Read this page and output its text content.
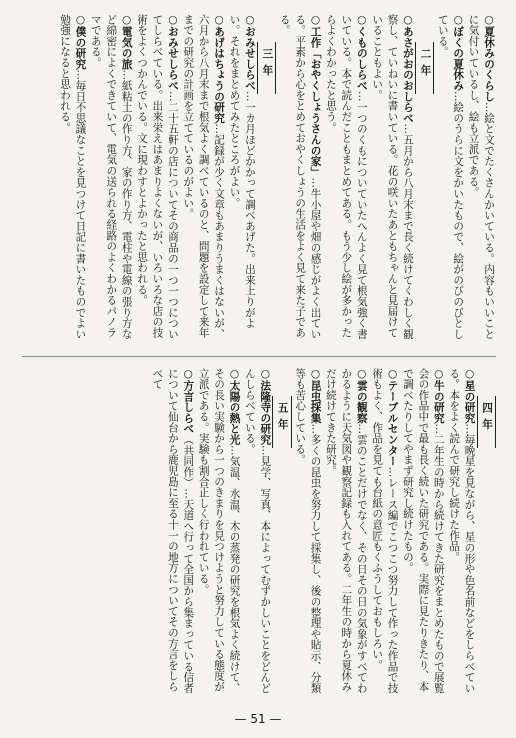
○夏休みのくらし…絵と文でたくさんかいている。内容もいいことに気付いているし、絵も立派である。
○ぼくの夏休み…絵のうらに文をかいたもので、絵がのびのびとしている。
二年
○あさがおのおしらべ…五月から八月末まで長く続けてくわしく観察し、ていねいに書いている。花の咲いたあともちゃんと見届けていることもよい。
○くものしらべ…一つのくもについていたへんよく見て根気強く書いている。本で読んだこともまとめてある。もう少し絵が多かったらよくわかったと思う。
○工作「おやくしょうさんの家」…牛小屋や畑の感じがよく出ている。平素から心をとめておやくしょうの生活をよく見て来た子である。
三年
○おみせしらべ…一カ月ほどかかって調べあげた。出来上りがよい。それをまとめてみたところがよい。
○あげはちょうの研究…記録が少く文章もあまりうまくはないが、六月から八月末まで根気よく調べているのと、問題を設定して来年までの研究の計画を立てているのがよい。
○おみせしらべ…二十五軒の店についてその商品の一つ一つについてしらべている。出来栄えはあまりよくないが、いろいろな店の技術をよくつかんでいる。文に現わすとよかったと思われる。
○電気の旅…紙粘土の作り方、家の作り方、電柱や電線の張り方など綿密によくできていて、電気の送られる経路のよくわかるパノラマである。
○僕の研究…毎日不思議なことを見つけて日記に書いたものでよい勉強になると思われる。
四年
○星の研究…毎晩星を見ながら、星の形や色名前などをしらべている。本をよく読んで研究し続けた作品。
○牛の研究…二年生の時から続けてきた研究をまとめたもので展覧会の作品中で最も長く続いた研究である。実際に見たりきたり、本で調べたりしてやまず研究し続けたもの。
○テーブルセンター…レース編でこつこつ努力して作った作品で技術もよく、作品を見ても台紙の意匠もくふうしておもしろい。
○雲の観察…雲のことだけでなく、その日その日の気象がすべてわかるように天気図や観察記録も入れてある。二年生の時から夏休みだけ続けてきた研究。
○昆虫採集…多くの昆虫を努力して採集し、後の整理や貼示、分類等も苦心している。
五年
○法隆寺の研究…見学、写真、本によってむずかしいことをどんどんしらべている。
○太陽の熱と光…気温、水温、木の蒸発の研究を根気よく続けて、その長い実験から一つのきまりを見つけようと努力している態度が立派である。実験も割合正しく行われている。
○方言しらべ（共同作）…天道へ行って全国から集まっている信者について仙台から鹿児島に至る十一の地方についてその方言をしらべて
— 51 —
